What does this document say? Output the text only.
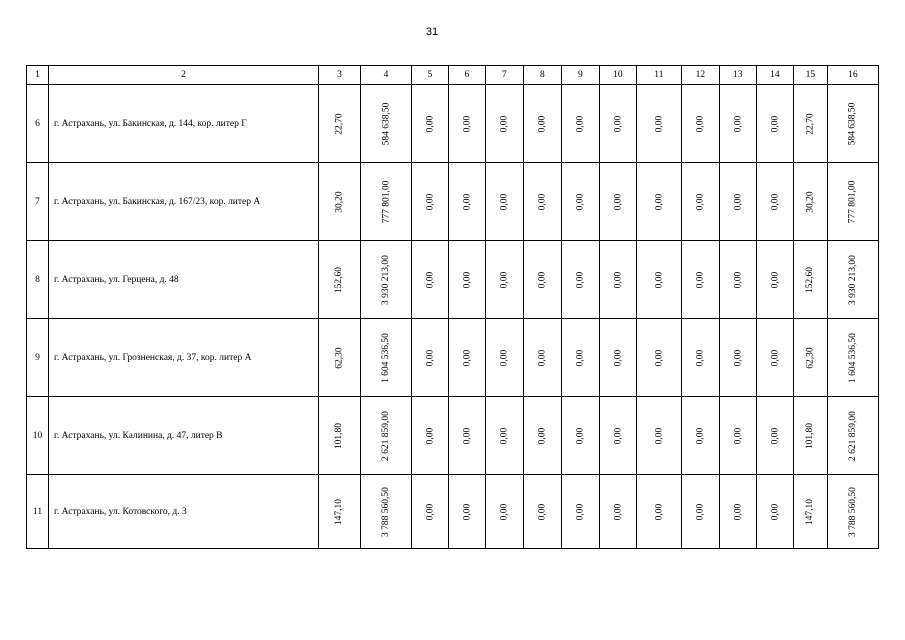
31
1	2	3	4	5	6	7	8	9	10	11	12	13	14	15	16
6	г. Астрахань, ул. Бакинская, д. 144, кор. литер Г	22,70	584 638,50	0,00	0,00	0,00	0,00	0,00	0,00	0,00	0,00	0,00	0,00	22,70	584 638,50
7	г. Астрахань, ул. Бакинская, д. 167/23, кор. литер А	30,20	777 801,00	0,00	0,00	0,00	0,00	0,00	0,00	0,00	0,00	0,00	0,00	30,20	777 801,00
8	г. Астрахань, ул. Герцена, д. 48	152,60	3 930 213,00	0,00	0,00	0,00	0,00	0,00	0,00	0,00	0,00	0,00	0,00	152,60	3 930 213,00
9	г. Астрахань, ул. Грозненская, д. 37, кор. литер А	62,30	1 604 536,50	0,00	0,00	0,00	0,00	0,00	0,00	0,00	0,00	0,00	0,00	62,30	1 604 536,50
10	г. Астрахань, ул. Калинина, д. 47, литер В	101,80	2 621 859,00	0,00	0,00	0,00	0,00	0,00	0,00	0,00	0,00	0,00	0,00	101,80	2 621 859,00
11	г. Астрахань, ул. Котовского, д. 3	147,10	3 788 560,50	0,00	0,00	0,00	0,00	0,00	0,00	0,00	0,00	0,00	0,00	147,10	3 788 560,50
